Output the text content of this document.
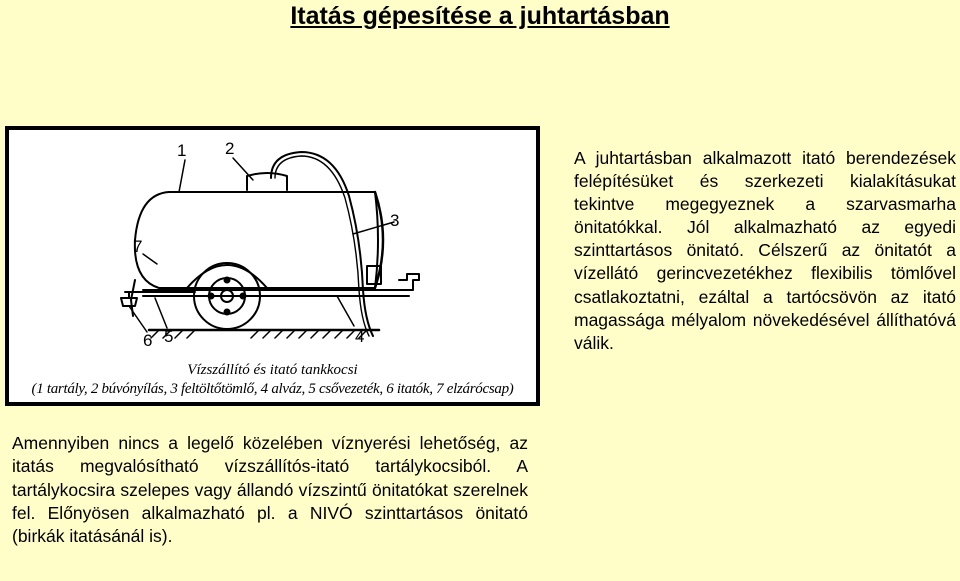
Itatás gépesítése a juhtartásban
1 2
3
4
5
6
7
Vízszállító és itató tankkocsi
(1 tartály, 2 búvónyílás, 3 feltöltőtömlő, 4 alváz, 5 csővezeték, 6 itatók, 7 elzárócsap)
A juhtartásban alkalmazott itató berendezések felépítésüket és szerkezeti kialakításukat tekintve megegyeznek a szarvasmarha önitatókkal. Jól alkalmazható az egyedi szinttartásos önitató. Célszerű az önitatót a vízellátó gerincvezetékhez flexibilis tömlővel csatlakoztatni, ezáltal a tartócsövön az itató magassága mélyalom növekedésével állíthatóvá válik.
Amennyiben nincs a legelő közelében víznyerési lehetőség, az itatás megvalósítható vízszállítós-itató tartálykocsiból. A tartálykocsira szelepes vagy állandó vízszintű önitatókat szerelnek fel. Előnyösen alkalmazható pl. a NIVÓ szinttartásos önitató (birkák itatásánál is).
